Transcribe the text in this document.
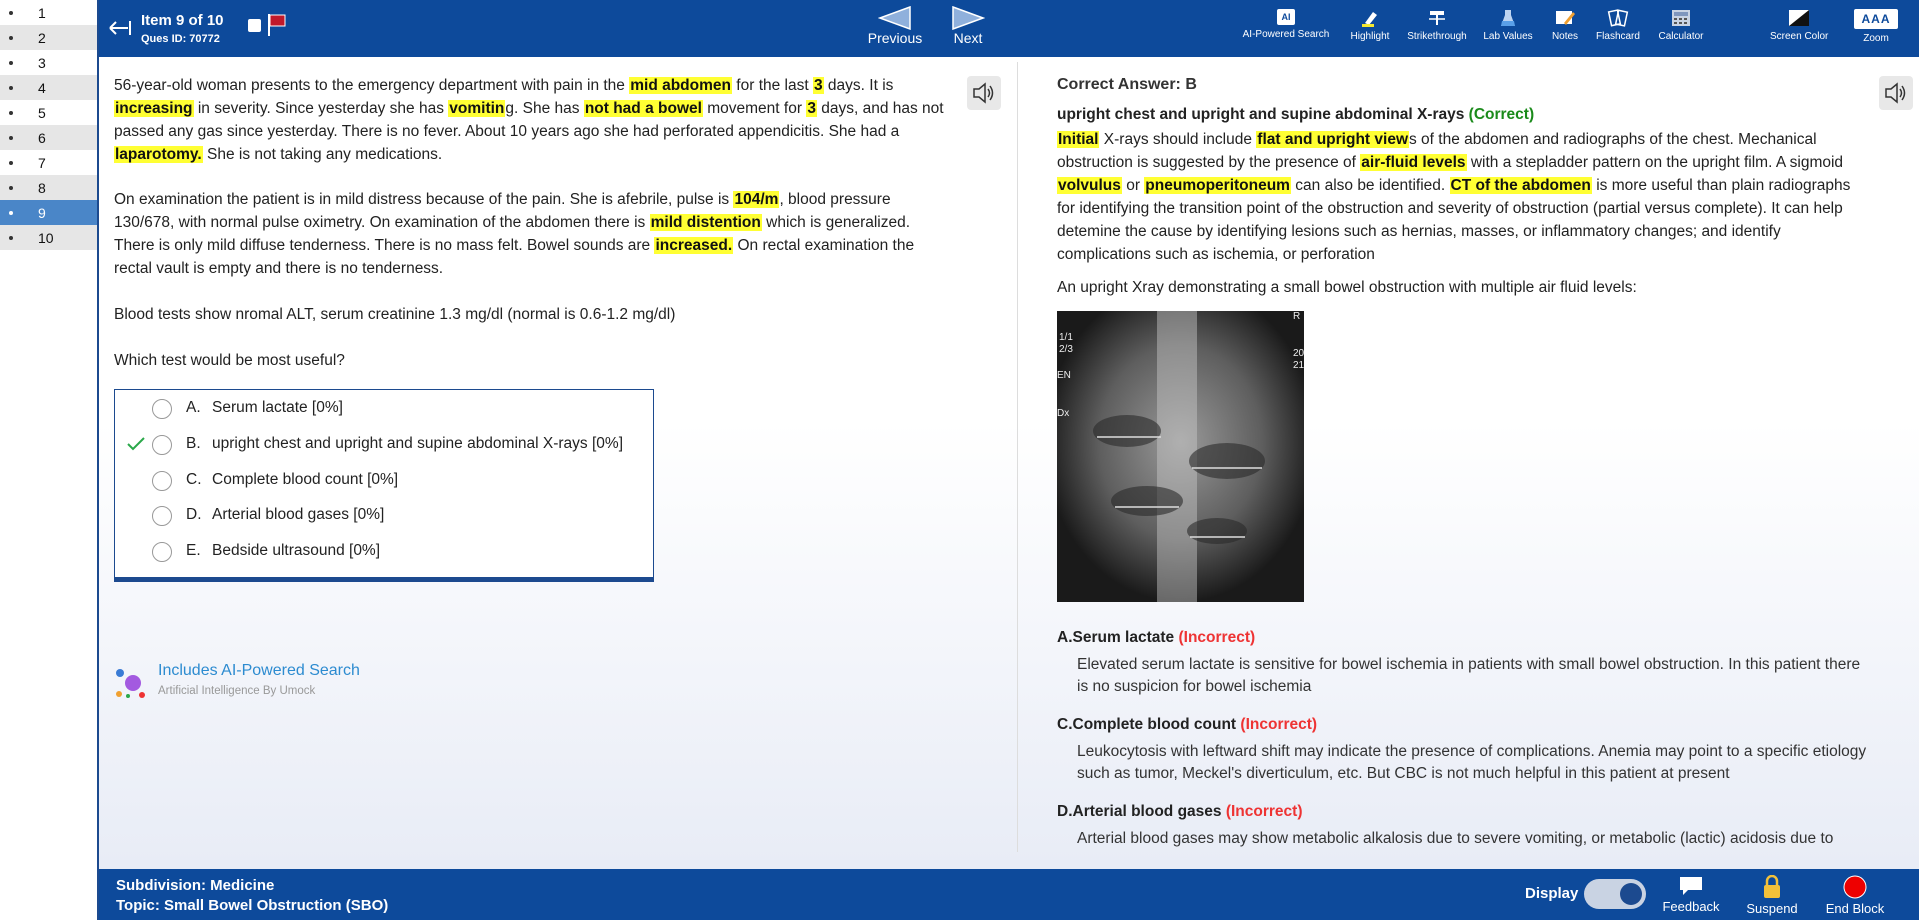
1
2
3
4
5
6
7
8
9
10
Item 9 of 10
Ques ID: 70772	Previous	Next
AI
AI-Powered Search	Highlight	Strikethrough	Lab Values	Notes	Flashcard	Calculator	Screen Color
AAA
Zoom
56-year-old woman presents to the emergency department with pain in the mid abdomen for the last 3 days. It is increasing in severity. Since yesterday she has vomiting. She has not had a bowel movement for 3 days, and has not passed any gas since yesterday. There is no fever. About 10 years ago she had perforated appendicitis. She had a laparotomy. She is not taking any medications.
On examination the patient is in mild distress because of the pain. She is afebrile, pulse is 104/m, blood pressure 130/678, with normal pulse oximetry. On examination of the abdomen there is mild distention which is generalized. There is only mild diffuse tenderness. There is no mass felt. Bowel sounds are increased. On rectal examination the rectal vault is empty and there is no tenderness.
Blood tests show nromal ALT, serum creatinine 1.3 mg/dl (normal is 0.6-1.2 mg/dl)
Which test would be most useful?
A. Serum lactate [0%]
B. upright chest and upright and supine abdominal X-rays [0%]
C. Complete blood count [0%]
D. Arterial blood gases [0%]
E. Bedside ultrasound [0%]
Includes AI-Powered Search
Artificial Intelligence By Umock
Correct Answer: B
upright chest and upright and supine abdominal X-rays (Correct)
Initial X-rays should include flat and upright views of the abdomen and radiographs of the chest. Mechanical obstruction is suggested by the presence of air-fluid levels with a stepladder pattern on the upright film. A sigmoid volvulus or pneumoperitoneum can also be identified. CT of the abdomen is more useful than plain radiographs for identifying the transition point of the obstruction and severity of obstruction (partial versus complete). It can help detemine the cause by identifying lesions such as hernias, masses, or inflammatory changes; and identify complications such as ischemia, or perforation
An upright Xray demonstrating a small bowel obstruction with multiple air fluid levels:
1/1
2/3
EN
Dx
R
20
21
A.Serum lactate (Incorrect)
Elevated serum lactate is sensitive for bowel ischemia in patients with small bowel obstruction. In this patient there is no suspicion for bowel ischemia
C.Complete blood count (Incorrect)
Leukocytosis with leftward shift may indicate the presence of complications. Anemia may point to a specific etiology such as tumor, Meckel's diverticulum, etc. But CBC is not much helpful in this patient at present
D.Arterial blood gases (Incorrect)
Arterial blood gases may show metabolic alkalosis due to severe vomiting, or metabolic (lactic) acidosis due to
Subdivision: Medicine
Topic: Small Bowel Obstruction (SBO)
Display
Feedback	Suspend	End Block
